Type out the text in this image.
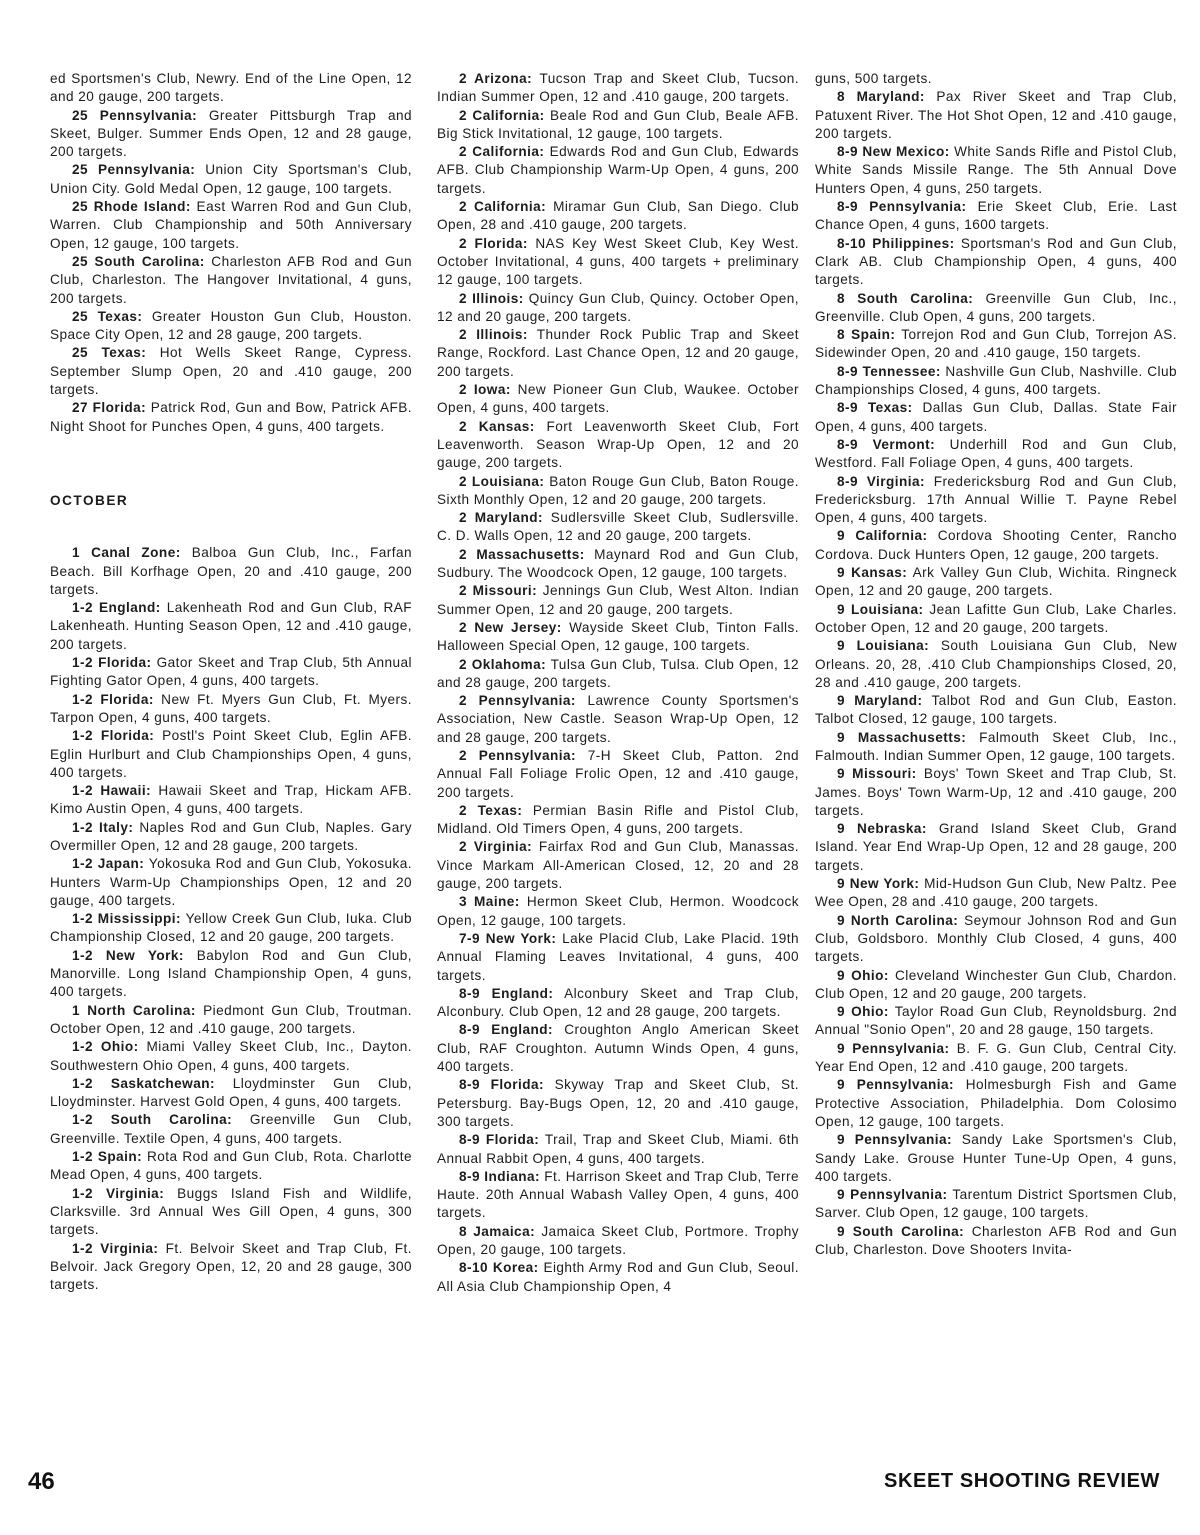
ed Sportsmen's Club, Newry. End of the Line Open, 12 and 20 gauge, 200 targets.

25 Pennsylvania: Greater Pittsburgh Trap and Skeet, Bulger. Summer Ends Open, 12 and 28 gauge, 200 targets.

25 Pennsylvania: Union City Sportsman's Club, Union City. Gold Medal Open, 12 gauge, 100 targets.

25 Rhode Island: East Warren Rod and Gun Club, Warren. Club Championship and 50th Anniversary Open, 12 gauge, 100 targets.

25 South Carolina: Charleston AFB Rod and Gun Club, Charleston. The Hangover Invitational, 4 guns, 200 targets.

25 Texas: Greater Houston Gun Club, Houston. Space City Open, 12 and 28 gauge, 200 targets.

25 Texas: Hot Wells Skeet Range, Cypress. September Slump Open, 20 and .410 gauge, 200 targets.

27 Florida: Patrick Rod, Gun and Bow, Patrick AFB. Night Shoot for Punches Open, 4 guns, 400 targets.

OCTOBER

1 Canal Zone: Balboa Gun Club, Inc., Farfan Beach. Bill Korfhage Open, 20 and .410 gauge, 200 targets.

1-2 England: Lakenheath Rod and Gun Club, RAF Lakenheath. Hunting Season Open, 12 and .410 gauge, 200 targets.

1-2 Florida: Gator Skeet and Trap Club, 5th Annual Fighting Gator Open, 4 guns, 400 targets.

1-2 Florida: New Ft. Myers Gun Club, Ft. Myers. Tarpon Open, 4 guns, 400 targets.

1-2 Florida: Postl's Point Skeet Club, Eglin AFB. Eglin Hurlburt and Club Championships Open, 4 guns, 400 targets.

1-2 Hawaii: Hawaii Skeet and Trap, Hickam AFB. Kimo Austin Open, 4 guns, 400 targets.

1-2 Italy: Naples Rod and Gun Club, Naples. Gary Overmiller Open, 12 and 28 gauge, 200 targets.

1-2 Japan: Yokosuka Rod and Gun Club, Yokosuka. Hunters Warm-Up Championships Open, 12 and 20 gauge, 400 targets.

1-2 Mississippi: Yellow Creek Gun Club, Iuka. Club Championship Closed, 12 and 20 gauge, 200 targets.

1-2 New York: Babylon Rod and Gun Club, Manorville. Long Island Championship Open, 4 guns, 400 targets.

1 North Carolina: Piedmont Gun Club, Troutman. October Open, 12 and .410 gauge, 200 targets.

1-2 Ohio: Miami Valley Skeet Club, Inc., Dayton. Southwestern Ohio Open, 4 guns, 400 targets.

1-2 Saskatchewan: Lloydminster Gun Club, Lloydminster. Harvest Gold Open, 4 guns, 400 targets.

1-2 South Carolina: Greenville Gun Club, Greenville. Textile Open, 4 guns, 400 targets.

1-2 Spain: Rota Rod and Gun Club, Rota. Charlotte Mead Open, 4 guns, 400 targets.

1-2 Virginia: Buggs Island Fish and Wildlife, Clarksville. 3rd Annual Wes Gill Open, 4 guns, 300 targets.

1-2 Virginia: Ft. Belvoir Skeet and Trap Club, Ft. Belvoir. Jack Gregory Open, 12, 20 and 28 gauge, 300 targets.

2 Arizona: Tucson Trap and Skeet Club, Tucson. Indian Summer Open, 12 and .410 gauge, 200 targets.

2 California: Beale Rod and Gun Club, Beale AFB. Big Stick Invitational, 12 gauge, 100 targets.

2 California: Edwards Rod and Gun Club, Edwards AFB. Club Championship Warm-Up Open, 4 guns, 200 targets.

2 California: Miramar Gun Club, San Diego. Club Open, 28 and .410 gauge, 200 targets.

2 Florida: NAS Key West Skeet Club, Key West. October Invitational, 4 guns, 400 targets + preliminary 12 gauge, 100 targets.

2 Illinois: Quincy Gun Club, Quincy. October Open, 12 and 20 gauge, 200 targets.

2 Illinois: Thunder Rock Public Trap and Skeet Range, Rockford. Last Chance Open, 12 and 20 gauge, 200 targets.

2 Iowa: New Pioneer Gun Club, Waukee. October Open, 4 guns, 400 targets.

2 Kansas: Fort Leavenworth Skeet Club, Fort Leavenworth. Season Wrap-Up Open, 12 and 20 gauge, 200 targets.

2 Louisiana: Baton Rouge Gun Club, Baton Rouge. Sixth Monthly Open, 12 and 20 gauge, 200 targets.

2 Maryland: Sudlersville Skeet Club, Sudlersville. C. D. Walls Open, 12 and 20 gauge, 200 targets.

2 Massachusetts: Maynard Rod and Gun Club, Sudbury. The Woodcock Open, 12 gauge, 100 targets.

2 Missouri: Jennings Gun Club, West Alton. Indian Summer Open, 12 and 20 gauge, 200 targets.

2 New Jersey: Wayside Skeet Club, Tinton Falls. Halloween Special Open, 12 gauge, 100 targets.

2 Oklahoma: Tulsa Gun Club, Tulsa. Club Open, 12 and 28 gauge, 200 targets.

2 Pennsylvania: Lawrence County Sportsmen's Association, New Castle. Season Wrap-Up Open, 12 and 28 gauge, 200 targets.

2 Pennsylvania: 7-H Skeet Club, Patton. 2nd Annual Fall Foliage Frolic Open, 12 and .410 gauge, 200 targets.

2 Texas: Permian Basin Rifle and Pistol Club, Midland. Old Timers Open, 4 guns, 200 targets.

2 Virginia: Fairfax Rod and Gun Club, Manassas. Vince Markam All-American Closed, 12, 20 and 28 gauge, 200 targets.

3 Maine: Hermon Skeet Club, Hermon. Woodcock Open, 12 gauge, 100 targets.

7-9 New York: Lake Placid Club, Lake Placid. 19th Annual Flaming Leaves Invitational, 4 guns, 400 targets.

8-9 England: Alconbury Skeet and Trap Club, Alconbury. Club Open, 12 and 28 gauge, 200 targets.

8-9 England: Croughton Anglo American Skeet Club, RAF Croughton. Autumn Winds Open, 4 guns, 400 targets.

8-9 Florida: Skyway Trap and Skeet Club, St. Petersburg. Bay-Bugs Open, 12, 20 and .410 gauge, 300 targets.

8-9 Florida: Trail, Trap and Skeet Club, Miami. 6th Annual Rabbit Open, 4 guns, 400 targets.

8-9 Indiana: Ft. Harrison Skeet and Trap Club, Terre Haute. 20th Annual Wabash Valley Open, 4 guns, 400 targets.

8 Jamaica: Jamaica Skeet Club, Portmore. Trophy Open, 20 gauge, 100 targets.

8-10 Korea: Eighth Army Rod and Gun Club, Seoul. All Asia Club Championship Open, 4

guns, 500 targets.

8 Maryland: Pax River Skeet and Trap Club, Patuxent River. The Hot Shot Open, 12 and .410 gauge, 200 targets.

8-9 New Mexico: White Sands Rifle and Pistol Club, White Sands Missile Range. The 5th Annual Dove Hunters Open, 4 guns, 250 targets.

8-9 Pennsylvania: Erie Skeet Club, Erie. Last Chance Open, 4 guns, 1600 targets.

8-10 Philippines: Sportsman's Rod and Gun Club, Clark AB. Club Championship Open, 4 guns, 400 targets.

8 South Carolina: Greenville Gun Club, Inc., Greenville. Club Open, 4 guns, 200 targets.

8 Spain: Torrejon Rod and Gun Club, Torrejon AS. Sidewinder Open, 20 and .410 gauge, 150 targets.

8-9 Tennessee: Nashville Gun Club, Nashville. Club Championships Closed, 4 guns, 400 targets.

8-9 Texas: Dallas Gun Club, Dallas. State Fair Open, 4 guns, 400 targets.

8-9 Vermont: Underhill Rod and Gun Club, Westford. Fall Foliage Open, 4 guns, 400 targets.

8-9 Virginia: Fredericksburg Rod and Gun Club, Fredericksburg. 17th Annual Willie T. Payne Rebel Open, 4 guns, 400 targets.

9 California: Cordova Shooting Center, Rancho Cordova. Duck Hunters Open, 12 gauge, 200 targets.

9 Kansas: Ark Valley Gun Club, Wichita. Ringneck Open, 12 and 20 gauge, 200 targets.

9 Louisiana: Jean Lafitte Gun Club, Lake Charles. October Open, 12 and 20 gauge, 200 targets.

9 Louisiana: South Louisiana Gun Club, New Orleans. 20, 28, .410 Club Championships Closed, 20, 28 and .410 gauge, 200 targets.

9 Maryland: Talbot Rod and Gun Club, Easton. Talbot Closed, 12 gauge, 100 targets.

9 Massachusetts: Falmouth Skeet Club, Inc., Falmouth. Indian Summer Open, 12 gauge, 100 targets.

9 Missouri: Boys' Town Skeet and Trap Club, St. James. Boys' Town Warm-Up, 12 and .410 gauge, 200 targets.

9 Nebraska: Grand Island Skeet Club, Grand Island. Year End Wrap-Up Open, 12 and 28 gauge, 200 targets.

9 New York: Mid-Hudson Gun Club, New Paltz. Pee Wee Open, 28 and .410 gauge, 200 targets.

9 North Carolina: Seymour Johnson Rod and Gun Club, Goldsboro. Monthly Club Closed, 4 guns, 400 targets.

9 Ohio: Cleveland Winchester Gun Club, Chardon. Club Open, 12 and 20 gauge, 200 targets.

9 Ohio: Taylor Road Gun Club, Reynoldsburg. 2nd Annual "Sonio Open", 20 and 28 gauge, 150 targets.

9 Pennsylvania: B. F. G. Gun Club, Central City. Year End Open, 12 and .410 gauge, 200 targets.

9 Pennsylvania: Holmesburgh Fish and Game Protective Association, Philadelphia. Dom Colosimo Open, 12 gauge, 100 targets.

9 Pennsylvania: Sandy Lake Sportsmen's Club, Sandy Lake. Grouse Hunter Tune-Up Open, 4 guns, 400 targets.

9 Pennsylvania: Tarentum District Sportsmen Club, Sarver. Club Open, 12 gauge, 100 targets.

9 South Carolina: Charleston AFB Rod and Gun Club, Charleston. Dove Shooters Invita-

46	SKEET SHOOTING REVIEW
